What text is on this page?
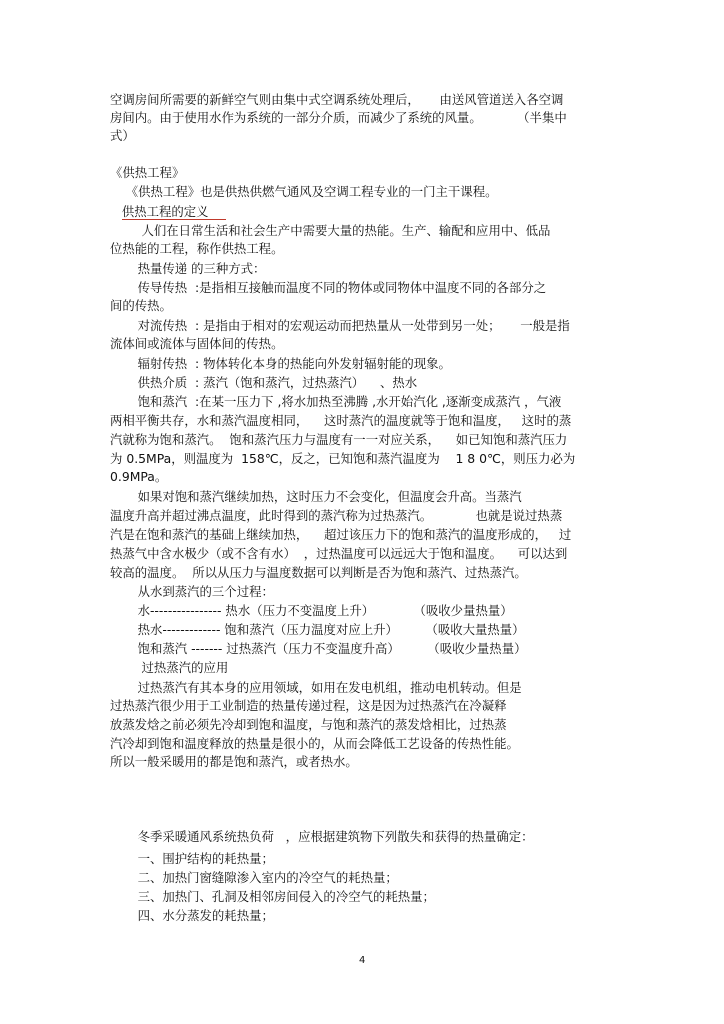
空调房间所需要的新鲜空气则由集中式空调系统处理后，     由送风管道送入各空调
房间内。由于使用水作为系统的一部分介质，而减少了系统的风量。         （半集中
式）
《供热工程》
《供热工程》也是供热供燃气通风及空调工程专业的一门主干课程。
供热工程的定义
人们在日常生活和社会生产中需要大量的热能。生产、输配和应用中、低品
位热能的工程，称作供热工程。
热量传递 的三种方式：
传导传热  :是指相互接触而温度不同的物体或同物体中温度不同的各部分之
间的传热。
对流传热  : 是指由于相对的宏观运动而把热量从一处带到另一处；     一般是指
流体间或流体与固体间的传热。
辐射传热  : 物体转化本身的热能向外发射辐射能的现象。
供热介质  : 蒸汽（饱和蒸汽，过热蒸汽）    、热水
饱和蒸汽  :在某一压力下 ,将水加热至沸腾 ,水开始汽化 ,逐渐变成蒸汽 ，气液
两相平衡共存，水和蒸汽温度相同，    这时蒸汽的温度就等于饱和温度，   这时的蒸
汽就称为饱和蒸汽。  饱和蒸汽压力与温度有一一对应关系，    如已知饱和蒸汽压力
为 0.5MPa，则温度为  158℃，反之，已知饱和蒸汽温度为    1 8 0℃，则压力必为
0.9MPa。
如果对饱和蒸汽继续加热，这时压力不会变化，但温度会升高。当蒸汽
温度升高并超过沸点温度，此时得到的蒸汽称为过热蒸汽。           也就是说过热蒸
汽是在饱和蒸汽的基础上继续加热，    超过该压力下的饱和蒸汽的温度形成的，   过
热蒸气中含水极少（或不含有水）  ，过热温度可以远远大于饱和温度。    可以达到
较高的温度。  所以从压力与温度数据可以判断是否为饱和蒸汽、过热蒸汽。
从水到蒸汽的三个过程：
水---------------- 热水（压力不变温度上升）          （吸收少量热量）
热水------------- 饱和蒸汽（压力温度对应上升）       （吸收大量热量）
饱和蒸汽 ------- 过热蒸汽（压力不变温度升高）       （吸收少量热量）
过热蒸汽的应用
过热蒸汽有其本身的应用领域，如用在发电机组，推动电机转动。但是
过热蒸汽很少用于工业制造的热量传递过程，这是因为过热蒸汽在冷凝释
放蒸发焓之前必须先冷却到饱和温度，与饱和蒸汽的蒸发焓相比，过热蒸
汽冷却到饱和温度释放的热量是很小的，从而会降低工艺设备的传热性能。
所以一般采暖用的都是饱和蒸汽，或者热水。
冬季采暖通风系统热负荷   ，应根据建筑物下列散失和获得的热量确定：
一、围护结构的耗热量；
二、加热门窗缝隙渗入室内的冷空气的耗热量；
三、加热门、孔洞及相邻房间侵入的冷空气的耗热量；
四、水分蒸发的耗热量；
4
